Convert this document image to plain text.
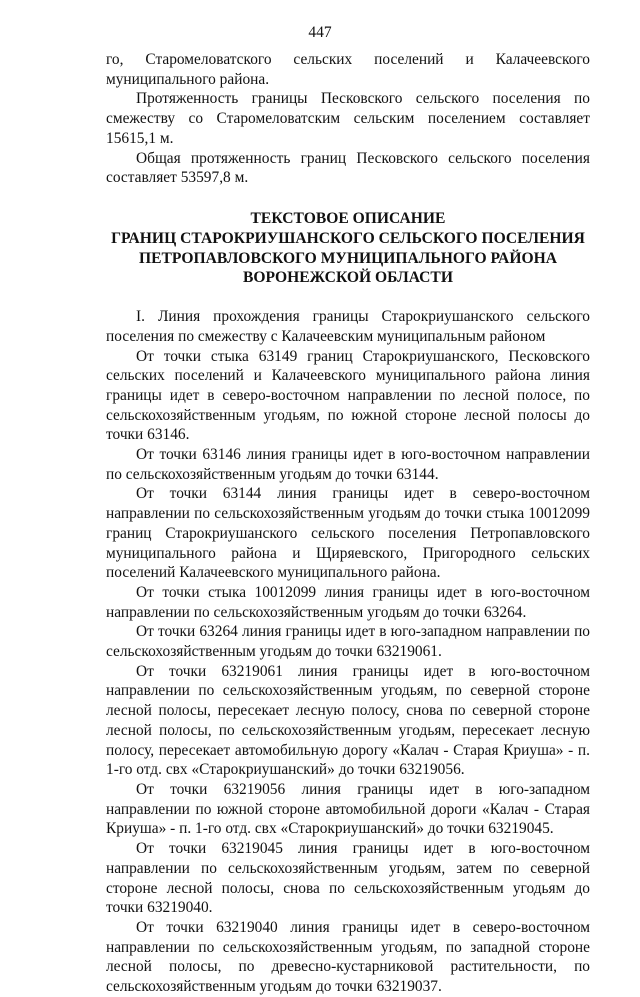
447

го, Старомеловатского сельских поселений и Калачеевского муниципального района.

Протяженность границы Песковского сельского поселения по смежеству со Старомеловатским сельским поселением составляет 15615,1 м.

Общая протяженность границ Песковского сельского поселения составляет 53597,8 м.

ТЕКСТОВОЕ ОПИСАНИЕ
ГРАНИЦ СТАРОКРИУШАНСКОГО СЕЛЬСКОГО ПОСЕЛЕНИЯ
ПЕТРОПАВЛОВСКОГО МУНИЦИПАЛЬНОГО РАЙОНА
ВОРОНЕЖСКОЙ ОБЛАСТИ

I. Линия прохождения границы Старокриушанского сельского поселения по смежеству с Калачеевским муниципальным районом

От точки стыка 63149 границ Старокриушанского, Песковского сельских поселений и Калачеевского муниципального района линия границы идет в северо-восточном направлении по лесной полосе, по сельскохозяйственным угодьям, по южной стороне лесной полосы до точки 63146.

От точки 63146 линия границы идет в юго-восточном направлении по сельскохозяйственным угодьям до точки 63144.

От точки 63144 линия границы идет в северо-восточном направлении по сельскохозяйственным угодьям до точки стыка 10012099 границ Старокриушанского сельского поселения Петропавловского муниципального района и Щиряевского, Пригородного сельских поселений Калачеевского муниципального района.

От точки стыка 10012099 линия границы идет в юго-восточном направлении по сельскохозяйственным угодьям до точки 63264.

От точки 63264 линия границы идет в юго-западном направлении по сельскохозяйственным угодьям до точки 63219061.

От точки 63219061 линия границы идет в юго-восточном направлении по сельскохозяйственным угодьям, по северной стороне лесной полосы, пересекает лесную полосу, снова по северной стороне лесной полосы, по сельскохозяйственным угодьям, пересекает лесную полосу, пересекает автомобильную дорогу «Калач - Старая Криуша» - п. 1-го отд. свх «Старокриушанский» до точки 63219056.

От точки 63219056 линия границы идет в юго-западном направлении по южной стороне автомобильной дороги «Калач - Старая Криуша» - п. 1-го отд. свх «Старокриушанский» до точки 63219045.

От точки 63219045 линия границы идет в юго-восточном направлении по сельскохозяйственным угодьям, затем по северной стороне лесной полосы, снова по сельскохозяйственным угодьям до точки 63219040.

От точки 63219040 линия границы идет в северо-восточном направлении по сельскохозяйственным угодьям, по западной стороне лесной полосы, по древесно-кустарниковой растительности, по сельскохозяйственным угодьям до точки 63219037.
